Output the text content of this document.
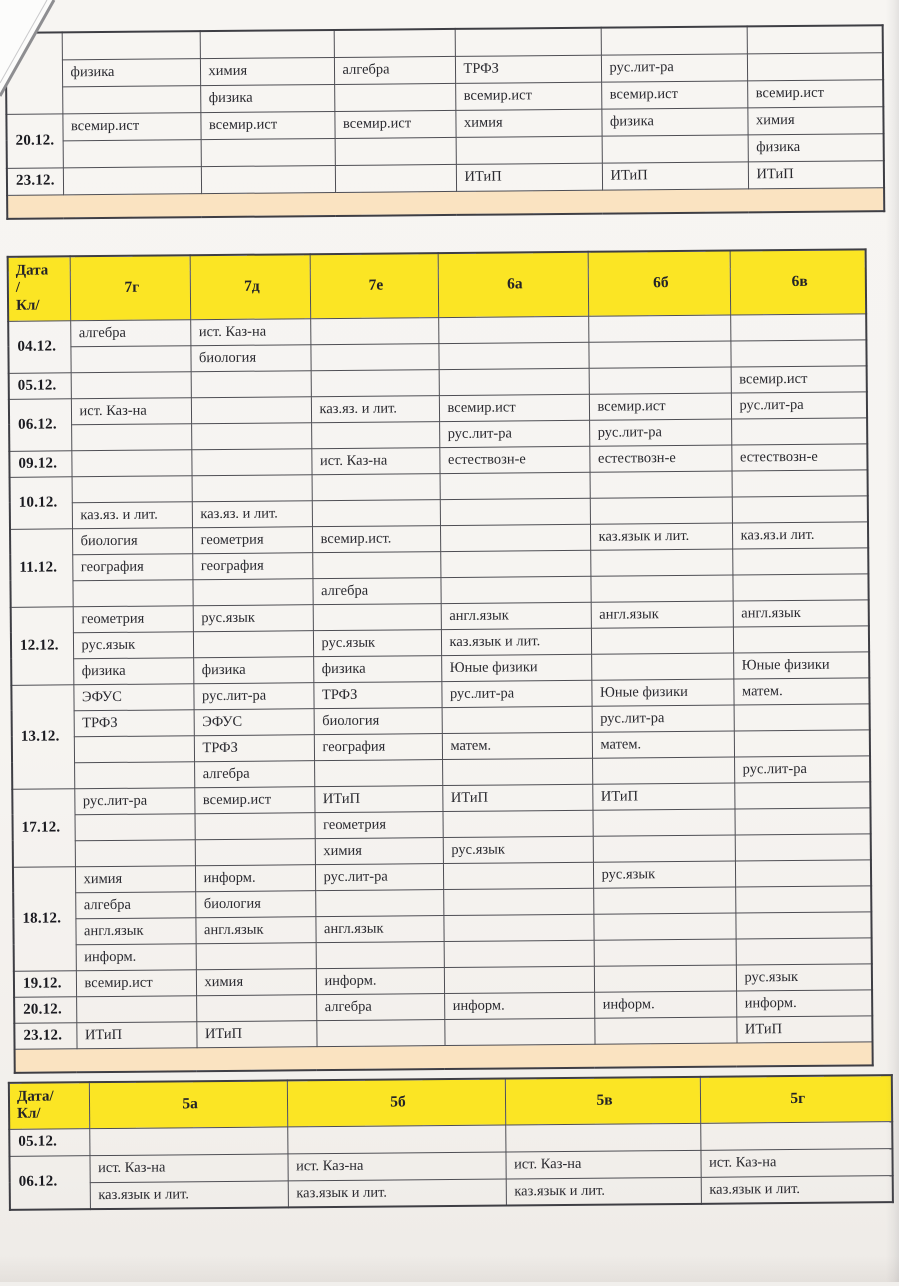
	физика	химия	алгебра	ТРФЗ	рус.лит-ра	
		физика		всемир.ист	всемир.ист	всемир.ист
20.12.	всемир.ист	всемир.ист	всемир.ист	химия	физика	химия
						физика
23.12.				ИТиП	ИТиП	ИТиП

Дата
/
Кл/	7г	7д	7е	6а	6б	6в
04.12.	алгебра	ист. Каз-на				
		биология				
05.12.						всемир.ист
06.12.	ист. Каз-на		каз.яз. и лит.	всемир.ист	всемир.ист	рус.лит-ра
				рус.лит-ра	рус.лит-ра	
09.12.			ист. Каз-на	естествозн-е	естествозн-е	естествозн-е
10.12.						
	каз.яз. и лит.	каз.яз. и лит.				
11.12.	биология	геометрия	всемир.ист.		каз.язык и лит.	каз.яз.и лит.
	география	география				
			алгебра			
12.12.	геометрия	рус.язык		англ.язык	англ.язык	англ.язык
	рус.язык		рус.язык	каз.язык и лит.		
	физика	физика	физика	Юные физики		Юные физики
13.12.	ЭФУС	рус.лит-ра	ТРФЗ	рус.лит-ра	Юные физики	матем.
	ТРФЗ	ЭФУС	биология		рус.лит-ра	
		ТРФЗ	география	матем.	матем.	
		алгебра				рус.лит-ра
17.12.	рус.лит-ра	всемир.ист	ИТиП	ИТиП	ИТиП	
			геометрия			
			химия	рус.язык		
18.12.	химия	информ.	рус.лит-ра		рус.язык	
	алгебра	биология				
	англ.язык	англ.язык	англ.язык			
	информ.					
19.12.	всемир.ист	химия	информ.			рус.язык
20.12.			алгебра	информ.	информ.	информ.
23.12.	ИТиП	ИТиП				ИТиП

Дата/
Кл/	5а	5б	5в	5г
05.12.				
06.12.	ист. Каз-на	ист. Каз-на	ист. Каз-на	ист. Каз-на
	каз.язык и лит.	каз.язык и лит.	каз.язык и лит.	каз.язык и лит.
